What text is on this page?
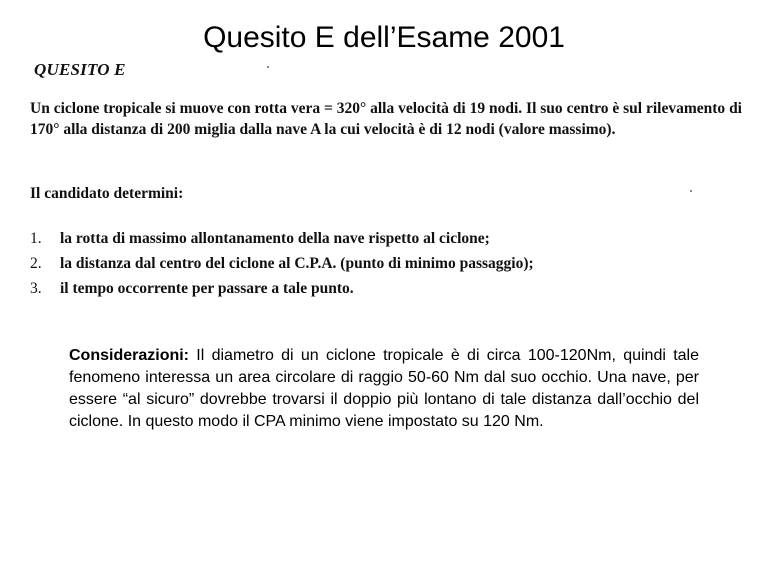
Quesito E dell’Esame 2001

QUESITO E

Un ciclone tropicale si muove con rotta vera = 320° alla velocità di 19 nodi. Il suo centro è sul rilevamento di 170° alla distanza di 200 miglia dalla nave A la cui velocità è di 12 nodi (valore massimo).

Il candidato determini:

1.	la rotta di massimo allontanamento della nave rispetto al ciclone;
2.	la distanza dal centro del ciclone al C.P.A. (punto di minimo passaggio);
3.	il tempo occorrente per passare a tale punto.

Considerazioni: Il diametro di un ciclone tropicale è di circa 100-120Nm, quindi tale fenomeno interessa un area circolare di raggio 50-60 Nm dal suo occhio. Una nave, per essere “al sicuro” dovrebbe trovarsi il doppio più lontano di tale distanza dall’occhio del ciclone. In questo modo il CPA minimo viene impostato su 120 Nm.
